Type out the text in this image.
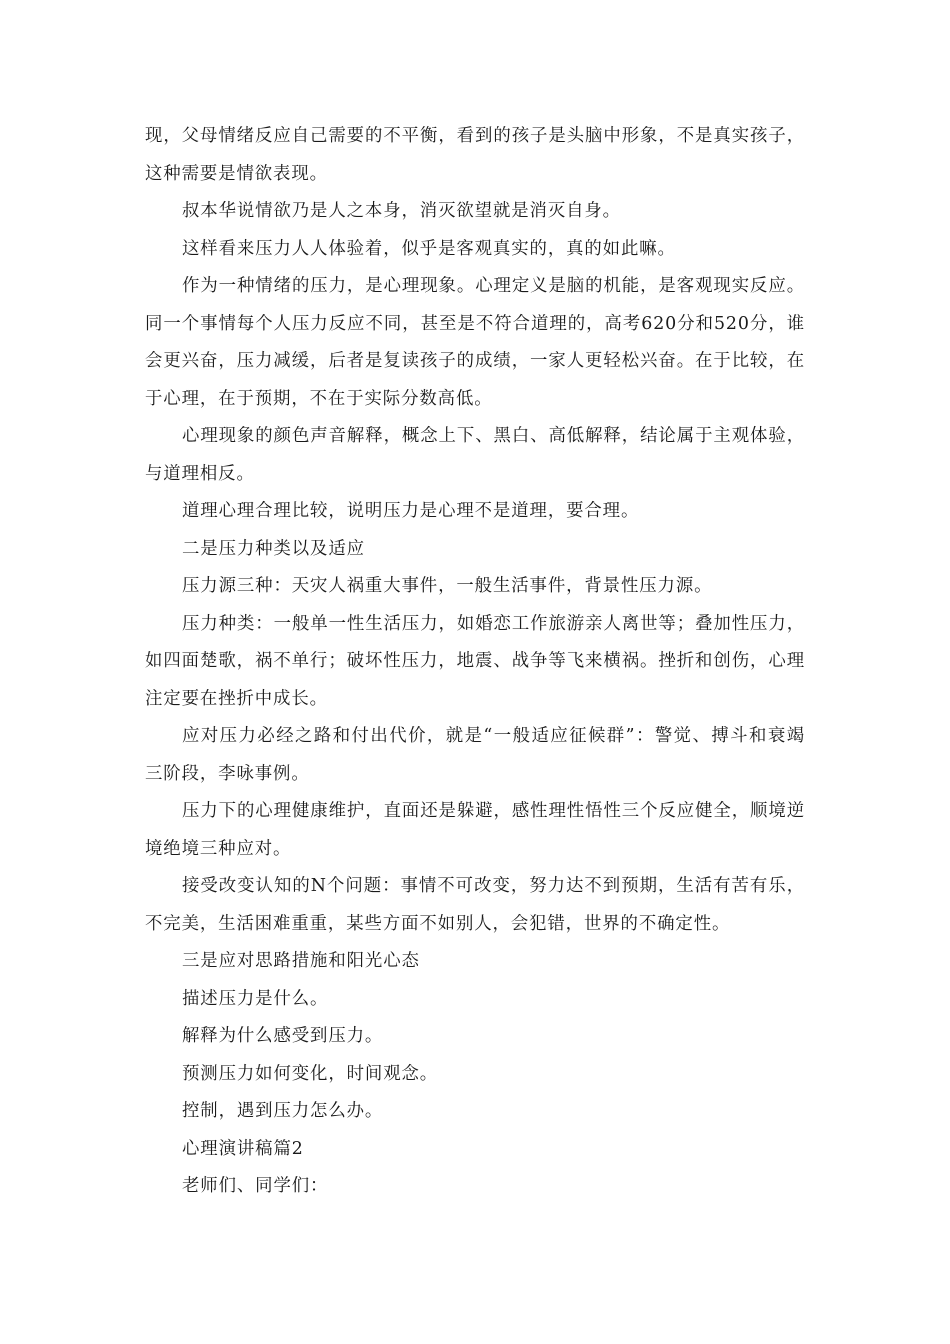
现，父母情绪反应自己需要的不平衡，看到的孩子是头脑中形象，不是真实孩子，这种需要是情欲表现。

叔本华说情欲乃是人之本身，消灭欲望就是消灭自身。

这样看来压力人人体验着，似乎是客观真实的，真的如此嘛。

作为一种情绪的压力，是心理现象。心理定义是脑的机能，是客观现实反应。同一个事情每个人压力反应不同，甚至是不符合道理的，高考620分和520分，谁会更兴奋，压力减缓，后者是复读孩子的成绩，一家人更轻松兴奋。在于比较，在于心理，在于预期，不在于实际分数高低。

心理现象的颜色声音解释，概念上下、黑白、高低解释，结论属于主观体验，与道理相反。

道理心理合理比较，说明压力是心理不是道理，要合理。

二是压力种类以及适应

压力源三种：天灾人祸重大事件，一般生活事件，背景性压力源。

压力种类：一般单一性生活压力，如婚恋工作旅游亲人离世等；叠加性压力，如四面楚歌，祸不单行；破坏性压力，地震、战争等飞来横祸。挫折和创伤，心理注定要在挫折中成长。

应对压力必经之路和付出代价，就是“一般适应征候群”：警觉、搏斗和衰竭三阶段，李咏事例。

压力下的心理健康维护，直面还是躲避，感性理性悟性三个反应健全，顺境逆境绝境三种应对。

接受改变认知的N个问题：事情不可改变，努力达不到预期，生活有苦有乐，不完美，生活困难重重，某些方面不如别人，会犯错，世界的不确定性。

三是应对思路措施和阳光心态

描述压力是什么。

解释为什么感受到压力。

预测压力如何变化，时间观念。

控制，遇到压力怎么办。

心理演讲稿篇2

老师们、同学们：
